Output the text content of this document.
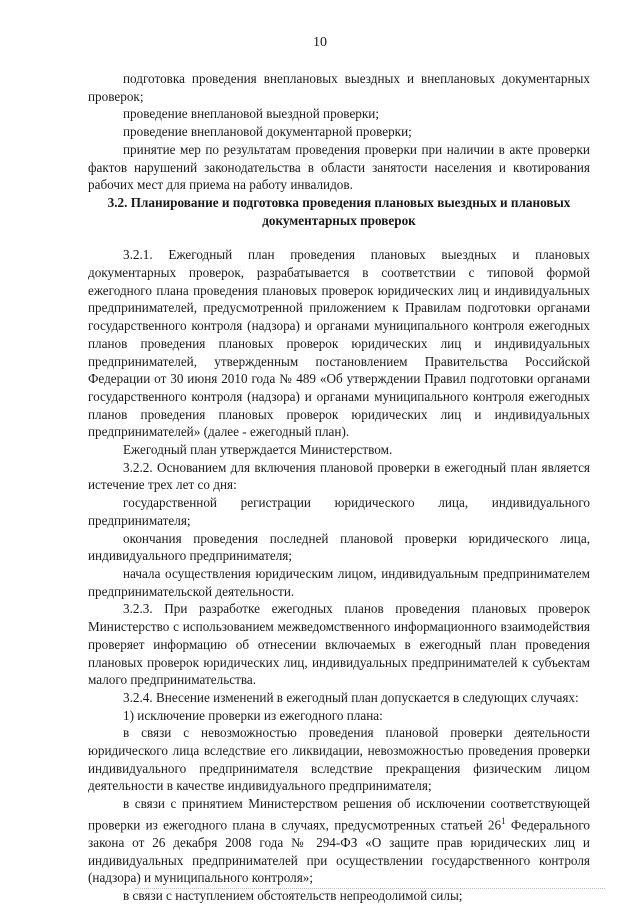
10

подготовка проведения внеплановых выездных и внеплановых документарных проверок;

проведение внеплановой выездной проверки;

проведение внеплановой документарной проверки;

принятие мер по результатам проведения проверки при наличии в акте проверки фактов нарушений законодательства в области занятости населения и квотирования рабочих мест для приема на работу инвалидов.

3.2. Планирование и подготовка проведения плановых выездных и плановых документарных проверок

3.2.1. Ежегодный план проведения плановых выездных и плановых документарных проверок, разрабатывается в соответствии с типовой формой ежегодного плана проведения плановых проверок юридических лиц и индивидуальных предпринимателей, предусмотренной приложением к Правилам подготовки органами государственного контроля (надзора) и органами муниципального контроля ежегодных планов проведения плановых проверок юридических лиц и индивидуальных предпринимателей, утвержденным постановлением Правительства Российской Федерации от 30 июня 2010 года № 489 «Об утверждении Правил подготовки органами государственного контроля (надзора) и органами муниципального контроля ежегодных планов проведения плановых проверок юридических лиц и индивидуальных предпринимателей» (далее - ежегодный план).

Ежегодный план утверждается Министерством.

3.2.2. Основанием для включения плановой проверки в ежегодный план является истечение трех лет со дня:

государственной регистрации юридического лица, индивидуального предпринимателя;

окончания проведения последней плановой проверки юридического лица, индивидуального предпринимателя;

начала осуществления юридическим лицом, индивидуальным предпринимателем предпринимательской деятельности.

3.2.3. При разработке ежегодных планов проведения плановых проверок Министерство с использованием межведомственного информационного взаимодействия проверяет информацию об отнесении включаемых в ежегодный план проведения плановых проверок юридических лиц, индивидуальных предпринимателей к субъектам малого предпринимательства.

3.2.4. Внесение изменений в ежегодный план допускается в следующих случаях:

1) исключение проверки из ежегодного плана:

в связи с невозможностью проведения плановой проверки деятельности юридического лица вследствие его ликвидации, невозможностью проведения проверки индивидуального предпринимателя вследствие прекращения физическим лицом деятельности в качестве индивидуального предпринимателя;

в связи с принятием Министерством решения об исключении соответствующей проверки из ежегодного плана в случаях, предусмотренных статьей $26^1$ Федерального закона от 26 декабря 2008 года № 294-ФЗ «О защите прав юридических лиц и индивидуальных предпринимателей при осуществлении государственного контроля (надзора) и муниципального контроля»;

в связи с наступлением обстоятельств непреодолимой силы;
